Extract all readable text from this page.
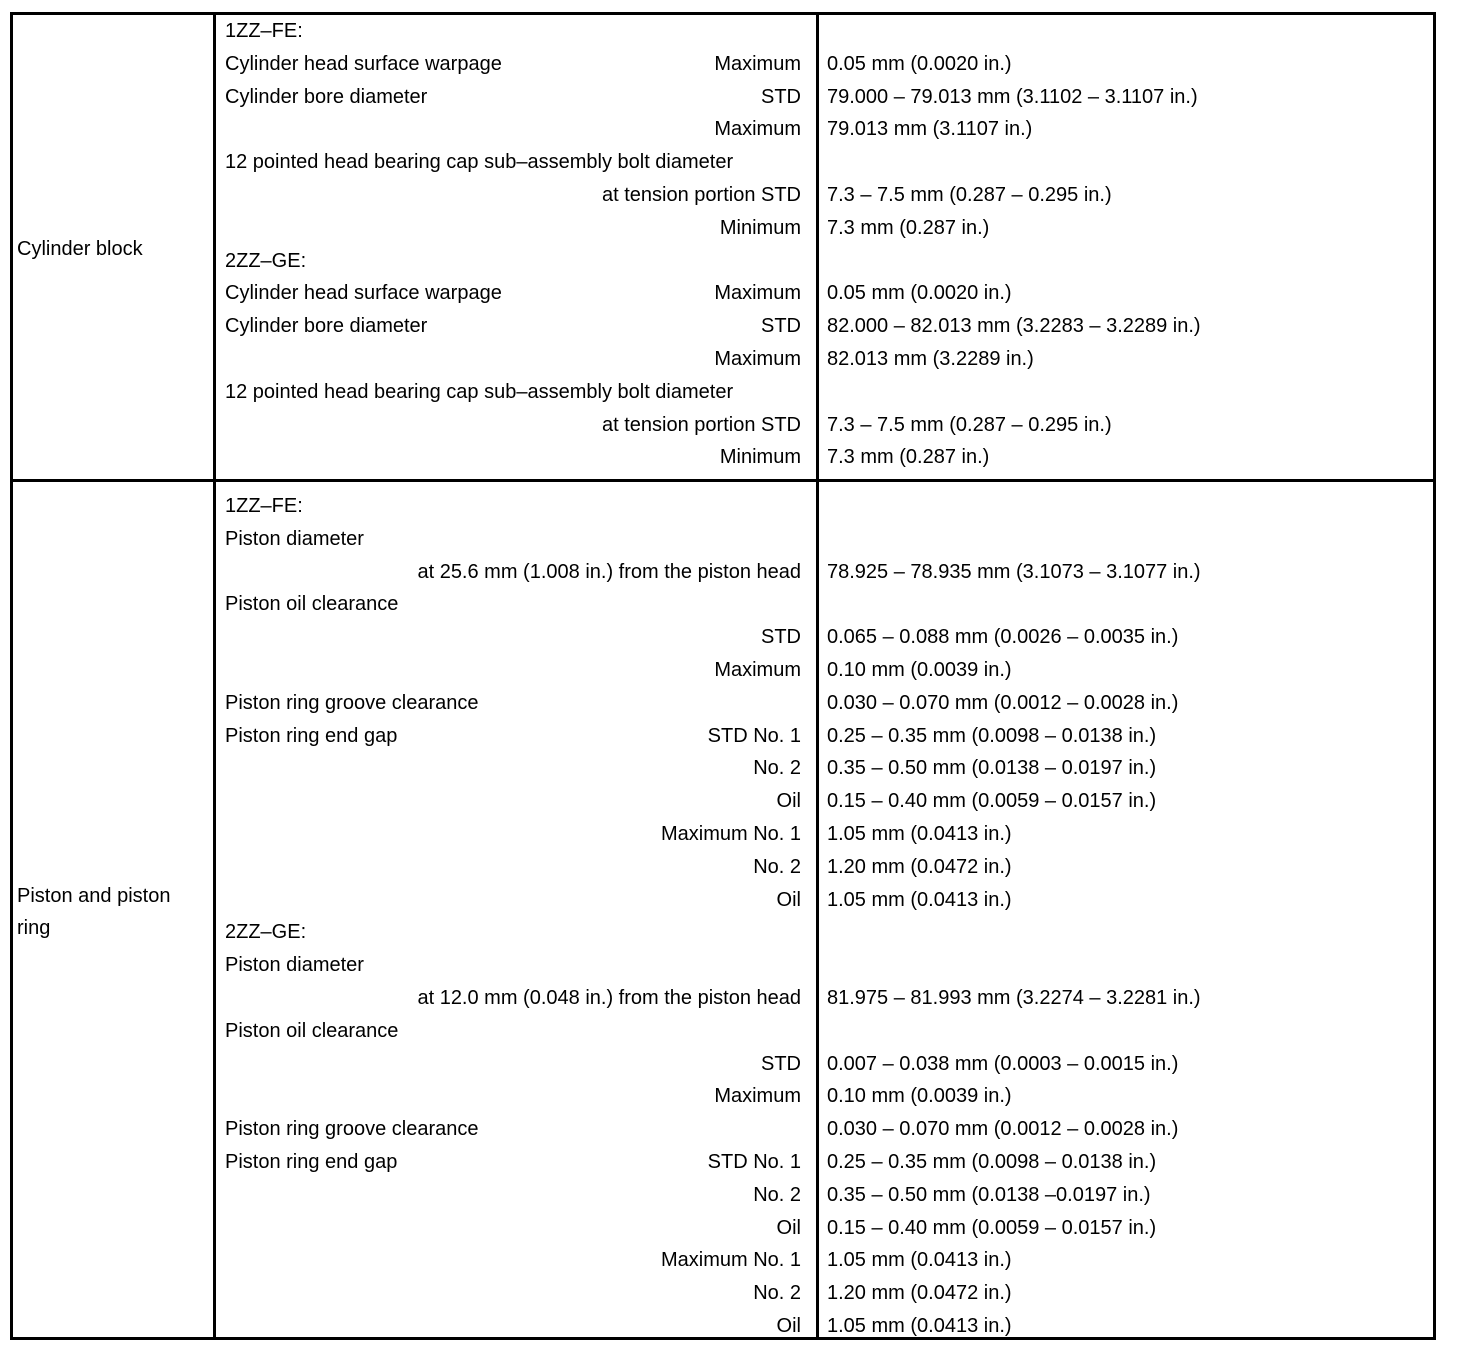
Cylinder block
1ZZ–FE:
Cylinder head surface warpage	Maximum 0.05 mm (0.0020 in.)
Cylinder bore diameter	STD 79.000 – 79.013 mm (3.1102 – 3.1107 in.)
Maximum 79.013 mm (3.1107 in.)
12 pointed head bearing cap sub–assembly bolt diameter
at tension portion STD 7.3 – 7.5 mm (0.287 – 0.295 in.)
Minimum 7.3 mm (0.287 in.)
2ZZ–GE:
Cylinder head surface warpage	Maximum 0.05 mm (0.0020 in.)
Cylinder bore diameter	STD 82.000 – 82.013 mm (3.2283 – 3.2289 in.)
Maximum 82.013 mm (3.2289 in.)
12 pointed head bearing cap sub–assembly bolt diameter
at tension portion STD 7.3 – 7.5 mm (0.287 – 0.295 in.)
Minimum 7.3 mm (0.287 in.)
Piston and piston ring
1ZZ–FE:
Piston diameter
at 25.6 mm (1.008 in.) from the piston head 78.925 – 78.935 mm (3.1073 – 3.1077 in.)
Piston oil clearance
STD 0.065 – 0.088 mm (0.0026 – 0.0035 in.)
Maximum 0.10 mm (0.0039 in.)
Piston ring groove clearance	0.030 – 0.070 mm (0.0012 – 0.0028 in.)
Piston ring end gap	STD No. 1 0.25 – 0.35 mm (0.0098 – 0.0138 in.)
No. 2 0.35 – 0.50 mm (0.0138 – 0.0197 in.)
Oil 0.15 – 0.40 mm (0.0059 – 0.0157 in.)
Maximum No. 1 1.05 mm (0.0413 in.)
No. 2 1.20 mm (0.0472 in.)
Oil 1.05 mm (0.0413 in.)
2ZZ–GE:
Piston diameter
at 12.0 mm (0.048 in.) from the piston head 81.975 – 81.993 mm (3.2274 – 3.2281 in.)
Piston oil clearance
STD 0.007 – 0.038 mm (0.0003 – 0.0015 in.)
Maximum 0.10 mm (0.0039 in.)
Piston ring groove clearance	0.030 – 0.070 mm (0.0012 – 0.0028 in.)
Piston ring end gap	STD No. 1 0.25 – 0.35 mm (0.0098 – 0.0138 in.)
No. 2 0.35 – 0.50 mm (0.0138 –0.0197 in.)
Oil 0.15 – 0.40 mm (0.0059 – 0.0157 in.)
Maximum No. 1 1.05 mm (0.0413 in.)
No. 2 1.20 mm (0.0472 in.)
Oil 1.05 mm (0.0413 in.)
